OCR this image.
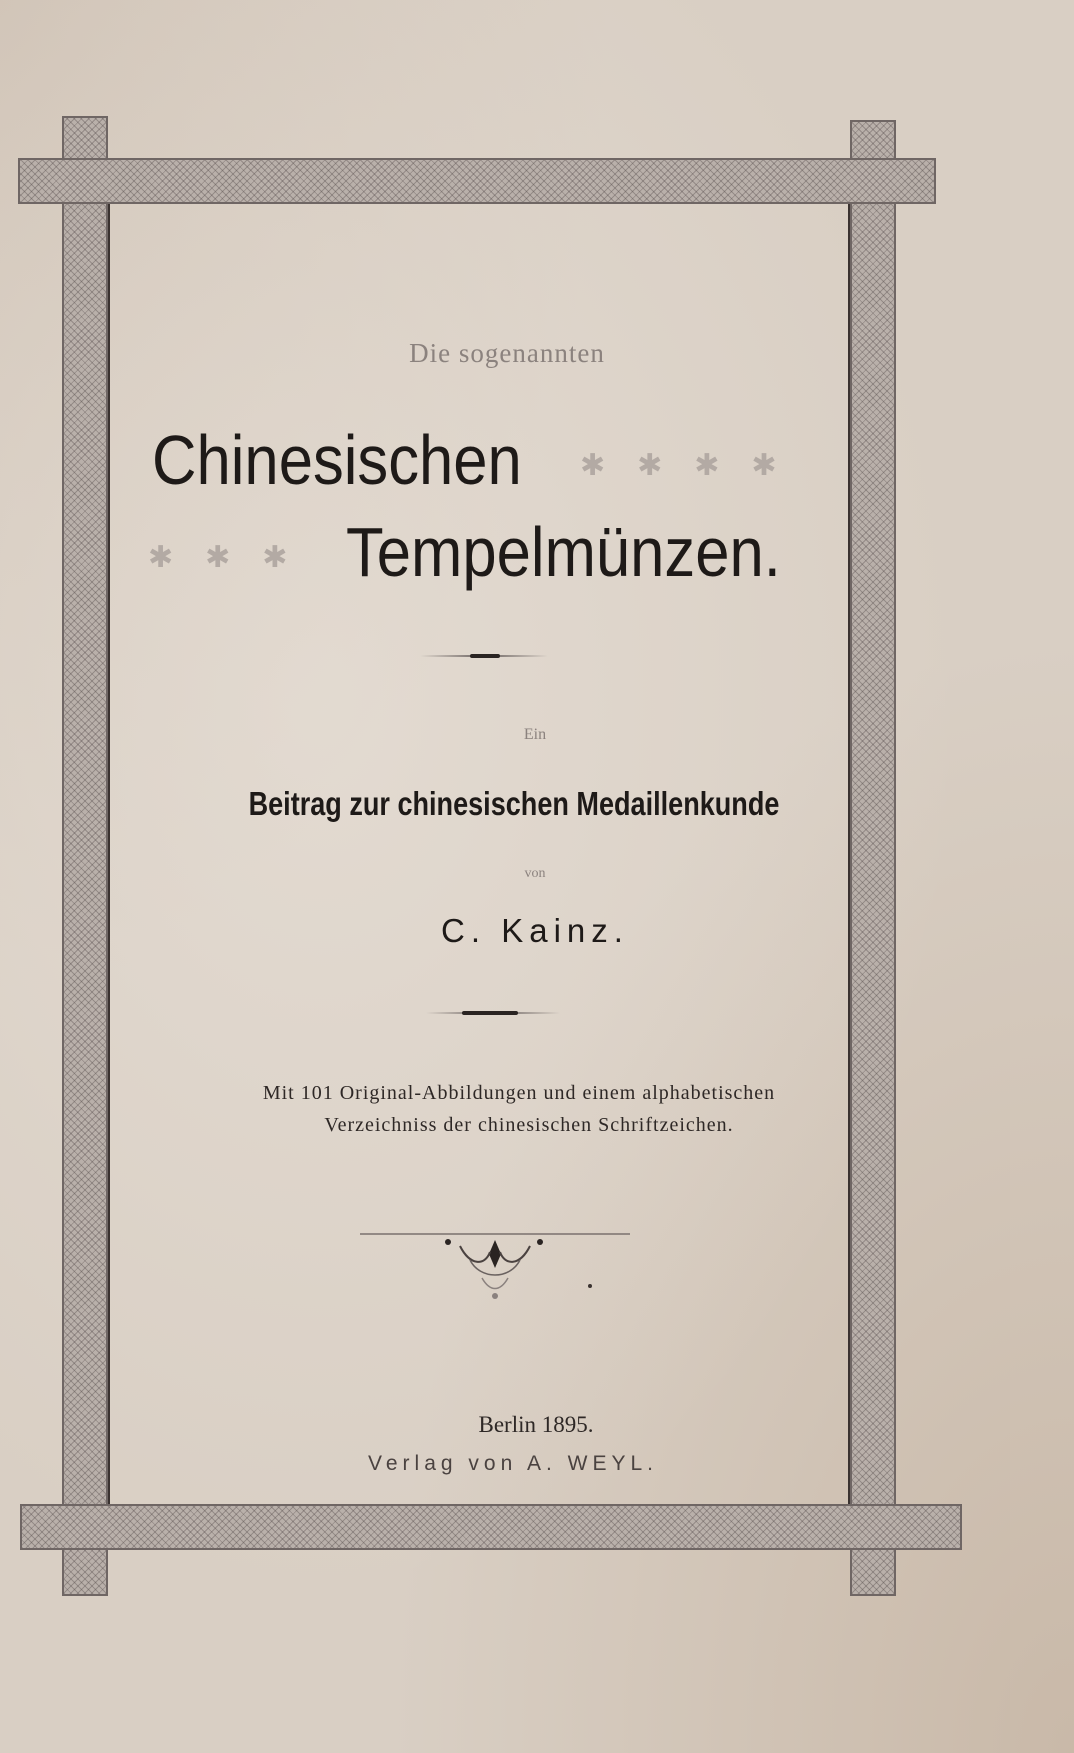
Die sogenannten
Chinesischen ✱✱✱✱
✱✱✱ Tempelmünzen.
Ein
Beitrag zur chinesischen Medaillenkunde
von
C. Kainz.
Mit 101 Original-Abbildungen und einem alphabetischen
Verzeichniss der chinesischen Schriftzeichen.
Berlin 1895.
Verlag von A. WEYL.
